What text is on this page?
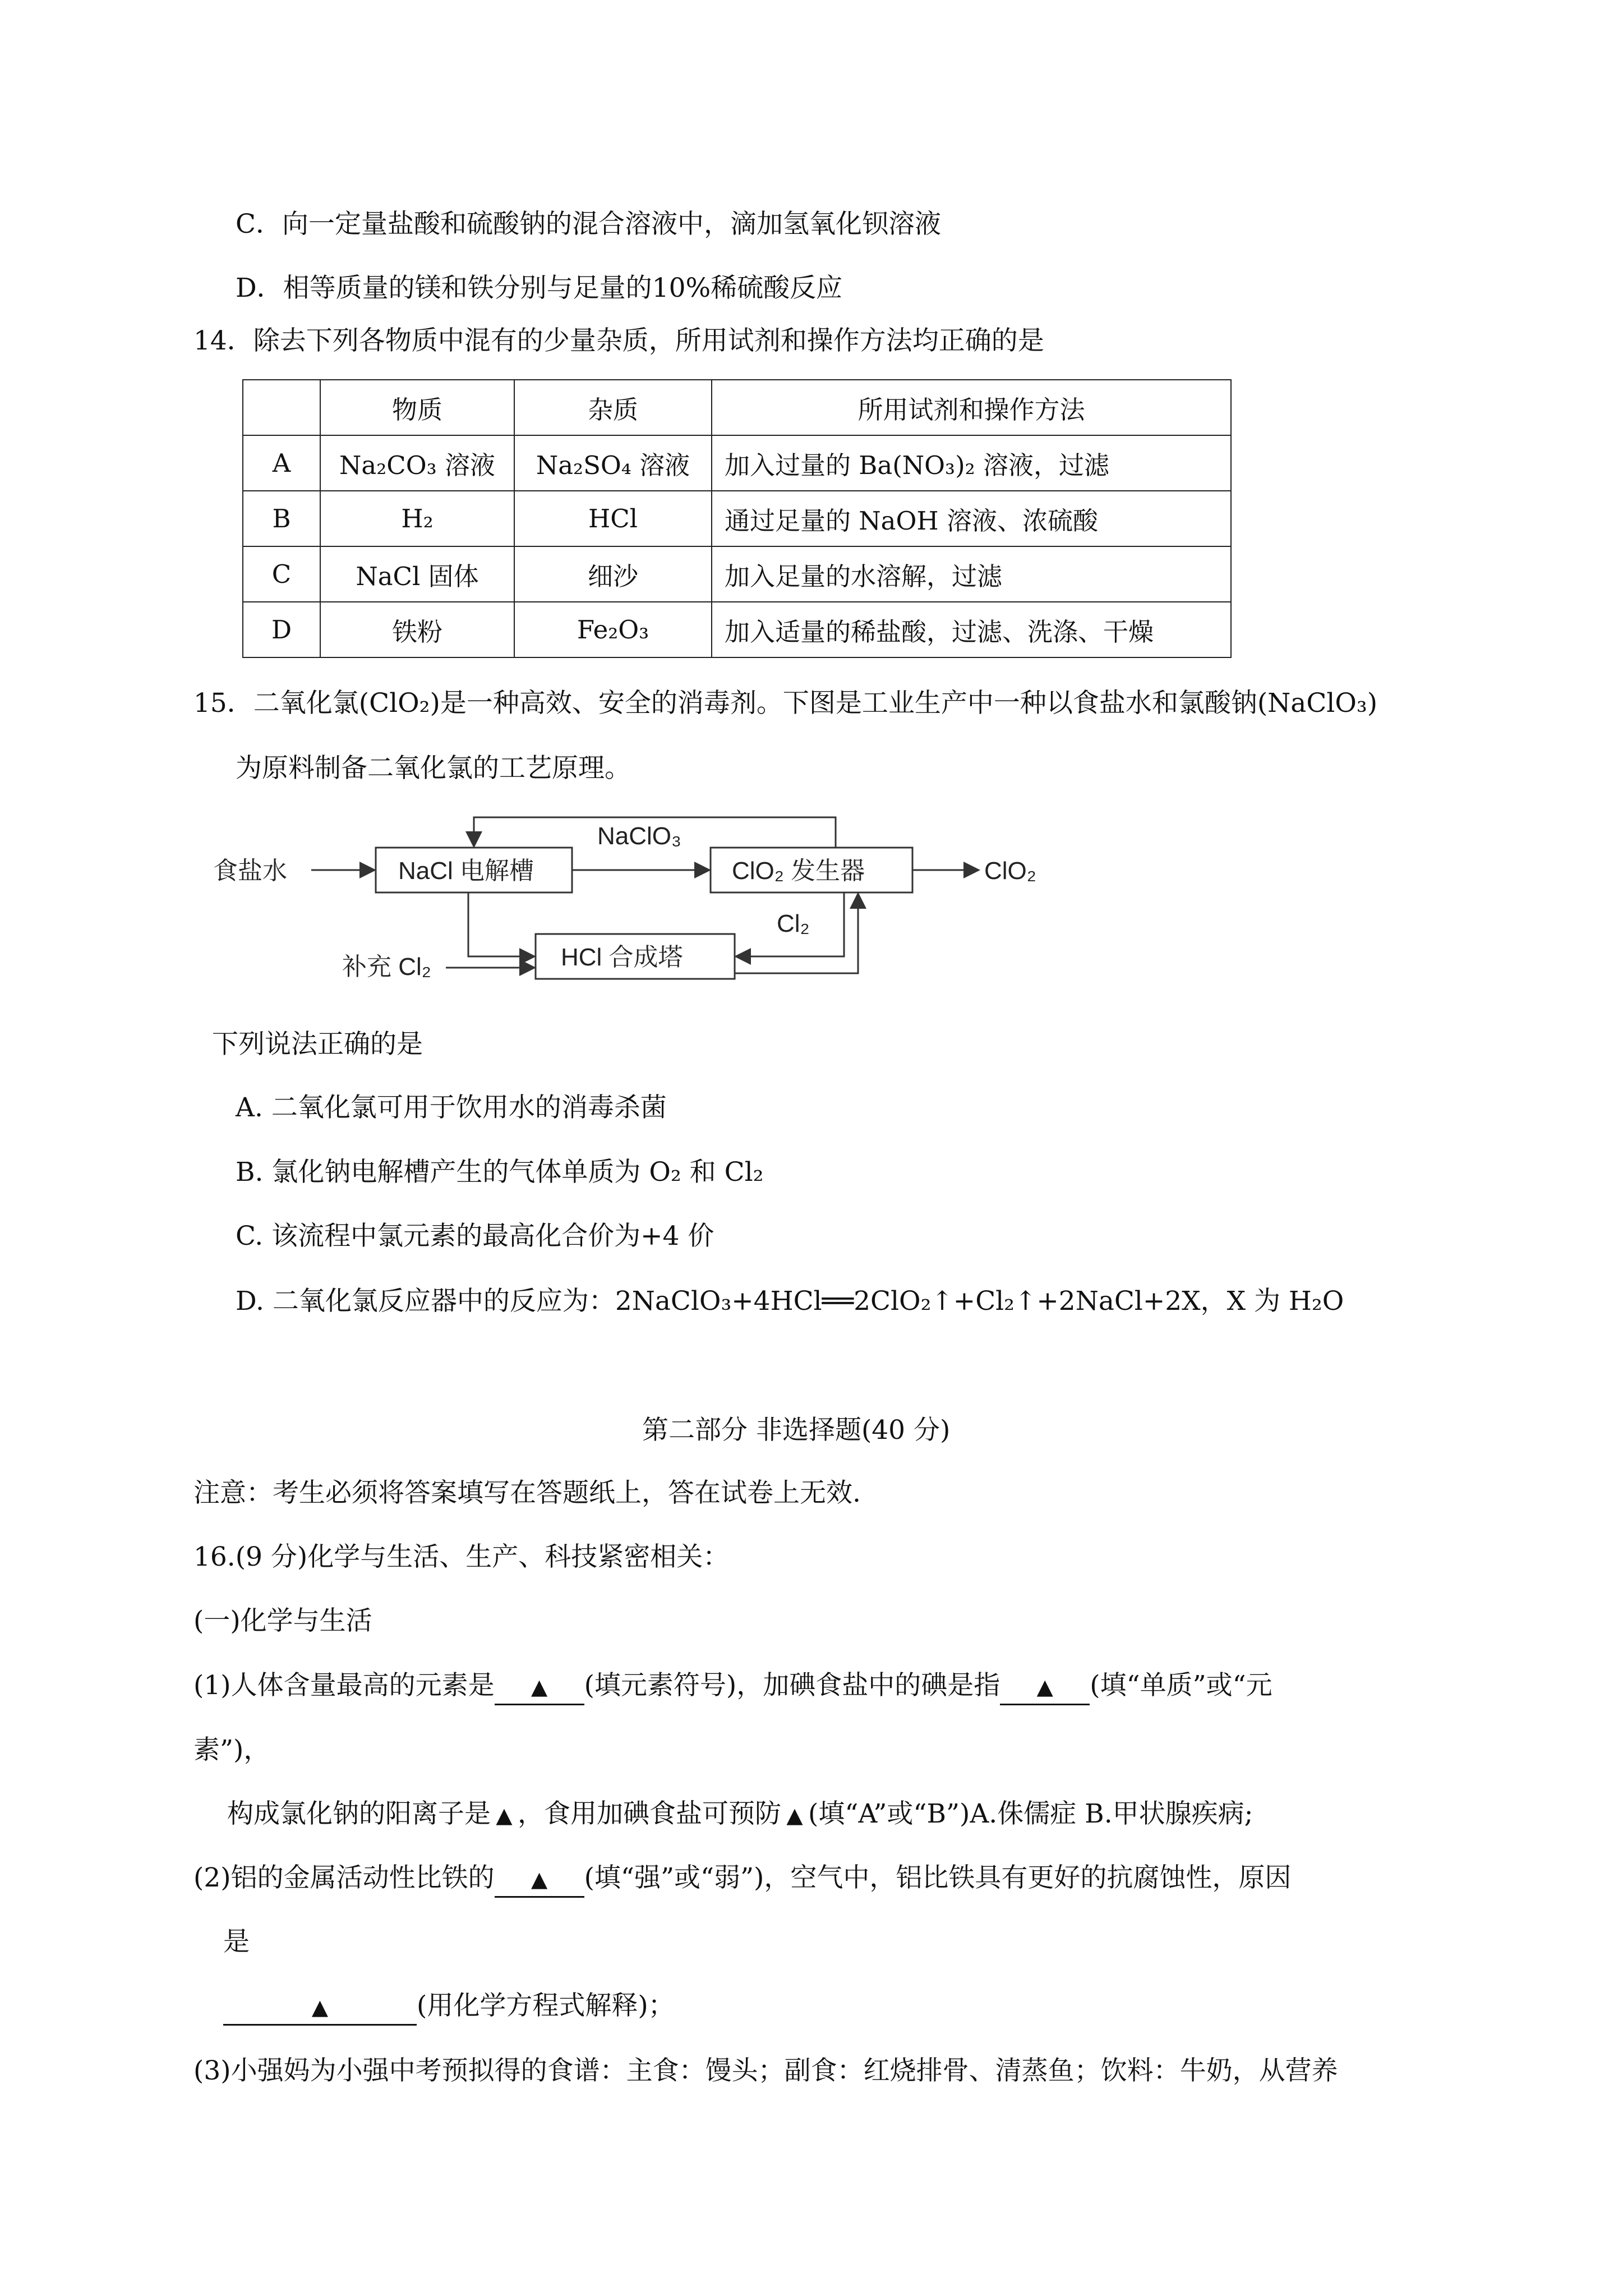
C．向一定量盐酸和硫酸钠的混合溶液中，滴加氢氧化钡溶液
D．相等质量的镁和铁分别与足量的10%稀硫酸反应
14．除去下列各物质中混有的少量杂质，所用试剂和操作方法均正确的是
	物质	杂质	所用试剂和操作方法
A	Na₂CO₃ 溶液	Na₂SO₄ 溶液	加入过量的 Ba(NO₃)₂ 溶液，过滤
B	H₂	HCl	通过足量的 NaOH 溶液、浓硫酸
C	NaCl 固体	细沙	加入足量的水溶解，过滤
D	铁粉	Fe₂O₃	加入适量的稀盐酸，过滤、洗涤、干燥
15．二氧化氯(ClO₂)是一种高效、安全的消毒剂。下图是工业生产中一种以食盐水和氯酸钠(NaClO₃)
为原料制备二氧化氯的工艺原理。
食盐水	NaCl 电解槽
NaClO₃
ClO₂ 发生器	ClO₂
补充 Cl₂	HCl 合成塔
Cl₂
下列说法正确的是
A. 二氧化氯可用于饮用水的消毒杀菌
B. 氯化钠电解槽产生的气体单质为 O₂ 和 Cl₂
C. 该流程中氯元素的最高化合价为+4 价
D. 二氧化氯反应器中的反应为：2NaClO₃+4HCl══2ClO₂↑+Cl₂↑+2NaCl+2X，X 为 H₂O
第二部分 非选择题(40 分)
注意：考生必须将答案填写在答题纸上，答在试卷上无效.
16.(9 分)化学与生活、生产、科技紧密相关：
(一)化学与生活
(1)人体含量最高的元素是 ▲ (填元素符号)，加碘食盐中的碘是指 ▲ (填“单质”或“元
素”)，
构成氯化钠的阳离子是 ▲ ，食用加碘食盐可预防 ▲ (填“A”或“B”)A.侏儒症 B.甲状腺疾病;
(2)铝的金属活动性比铁的 ▲ (填“强”或“弱”)，空气中，铝比铁具有更好的抗腐蚀性，原因
是
▲	(用化学方程式解释)；
(3)小强妈为小强中考预拟得的食谱：主食：馒头；副食：红烧排骨、清蒸鱼；饮料：牛奶，从营养
